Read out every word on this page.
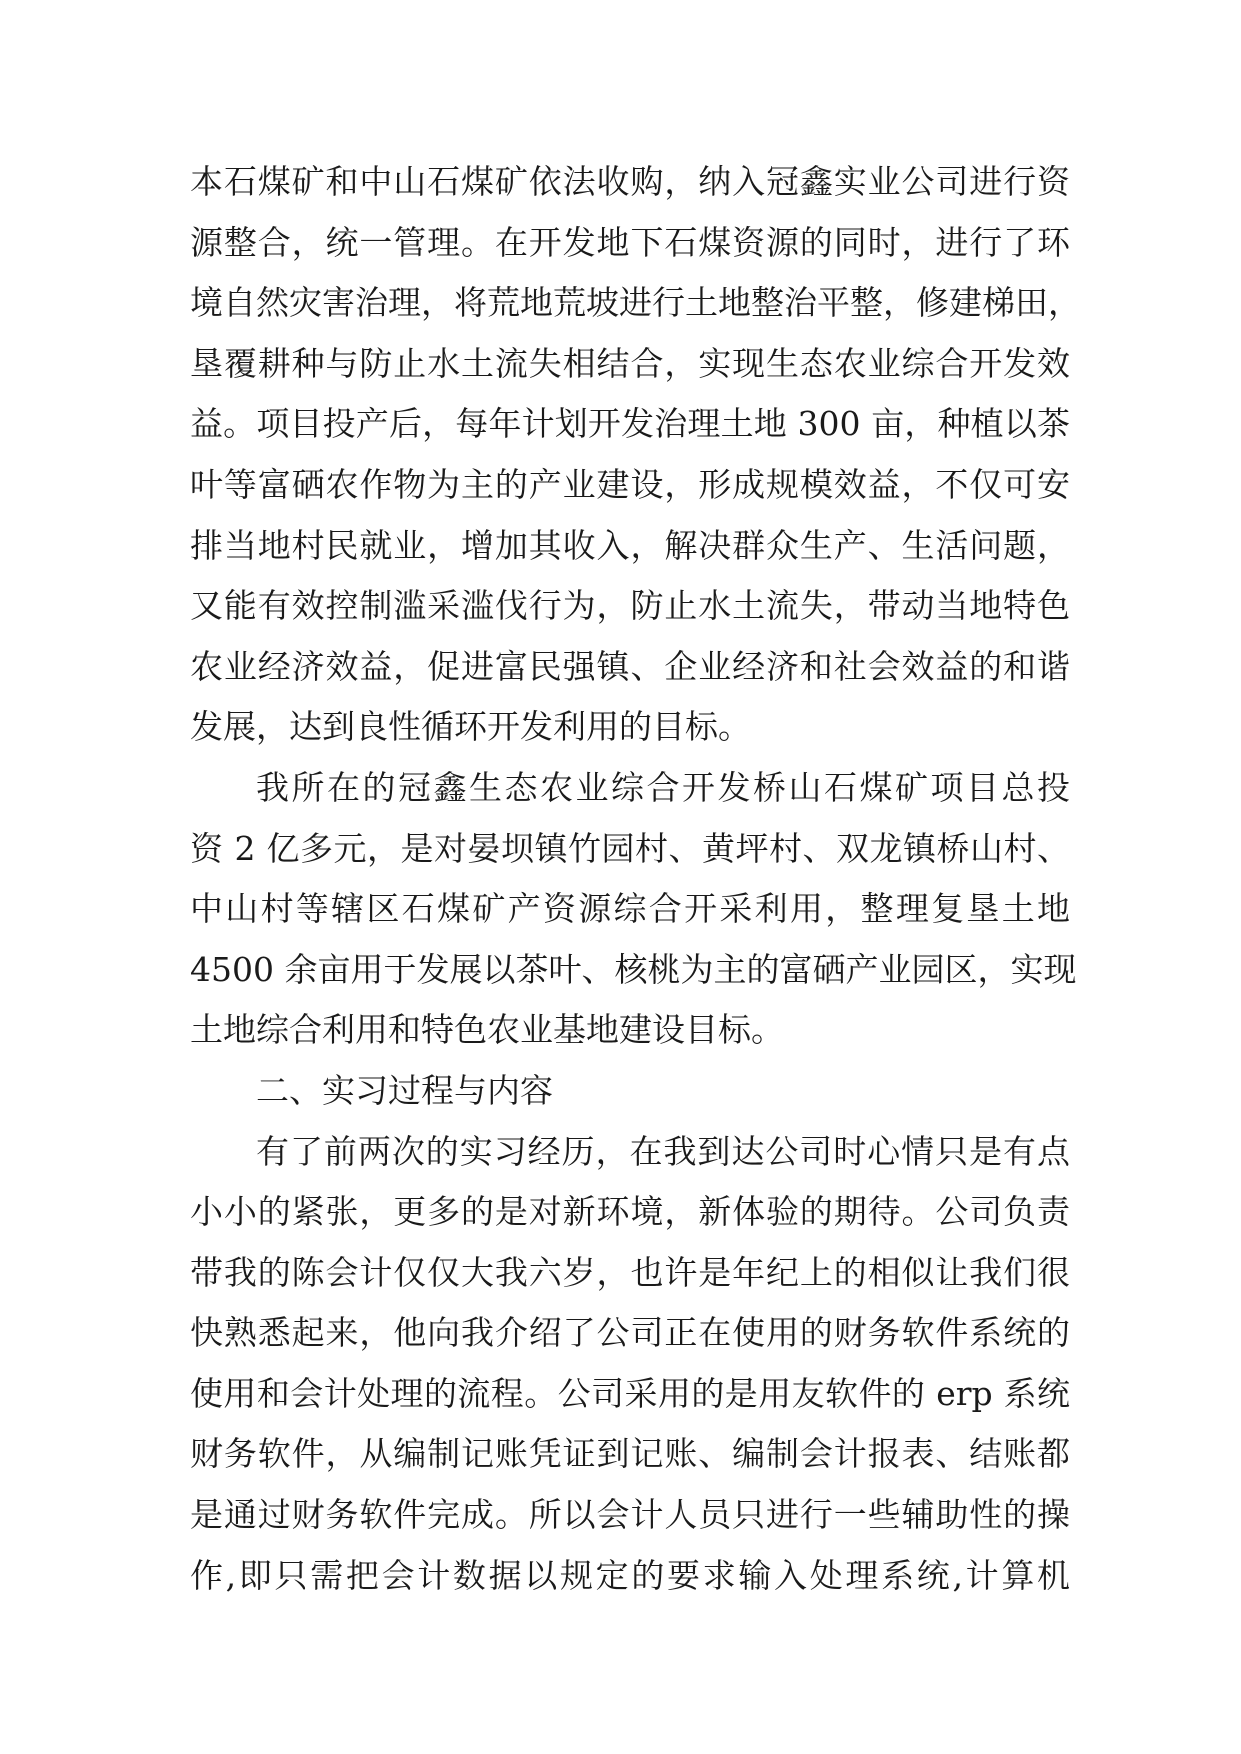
本石煤矿和中山石煤矿依法收购，纳入冠鑫实业公司进行资
源整合，统一管理。在开发地下石煤资源的同时，进行了环
境自然灾害治理，将荒地荒坡进行土地整治平整，修建梯田，
垦覆耕种与防止水土流失相结合，实现生态农业综合开发效
益。项目投产后，每年计划开发治理土地 300 亩，种植以茶
叶等富硒农作物为主的产业建设，形成规模效益，不仅可安
排当地村民就业，增加其收入，解决群众生产、生活问题，
又能有效控制滥采滥伐行为，防止水土流失，带动当地特色
农业经济效益，促进富民强镇、企业经济和社会效益的和谐
发展，达到良性循环开发利用的目标。
我所在的冠鑫生态农业综合开发桥山石煤矿项目总投
资 2 亿多元，是对晏坝镇竹园村、黄坪村、双龙镇桥山村、
中山村等辖区石煤矿产资源综合开采利用，整理复垦土地
4500 余亩用于发展以茶叶、核桃为主的富硒产业园区，实现
土地综合利用和特色农业基地建设目标。
二、实习过程与内容
有了前两次的实习经历，在我到达公司时心情只是有点
小小的紧张，更多的是对新环境，新体验的期待。公司负责
带我的陈会计仅仅大我六岁，也许是年纪上的相似让我们很
快熟悉起来，他向我介绍了公司正在使用的财务软件系统的
使用和会计处理的流程。公司采用的是用友软件的 erp 系统
财务软件，从编制记账凭证到记账、编制会计报表、结账都
是通过财务软件完成。所以会计人员只进行一些辅助性的操
作,即只需把会计数据以规定的要求输入处理系统,计算机
